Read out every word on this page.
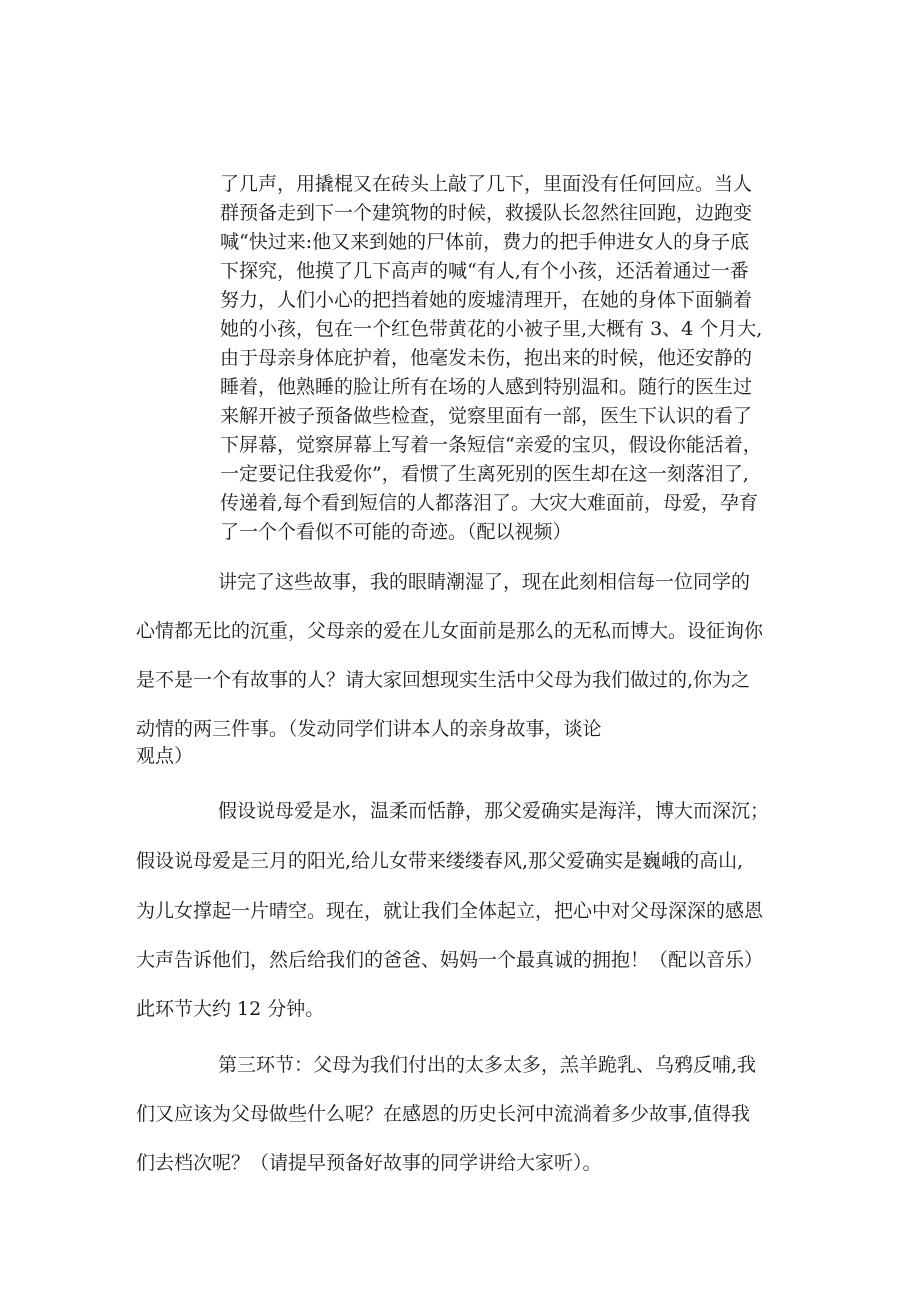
了几声，用撬棍又在砖头上敲了几下，里面没有任何回应。当人
群预备走到下一个建筑物的时候，救援队长忽然往回跑，边跑变
喊“快过来:他又来到她的尸体前，费力的把手伸进女人的身子底
下探究，他摸了几下高声的喊“有人,有个小孩，还活着通过一番
努力，人们小心的把挡着她的废墟清理开，在她的身体下面躺着
她的小孩，包在一个红色带黄花的小被子里,大概有 3、4 个月大,
由于母亲身体庇护着，他毫发未伤，抱出来的时候，他还安静的
睡着，他熟睡的脸让所有在场的人感到特别温和。随行的医生过
来解开被子预备做些检查，觉察里面有一部，医生下认识的看了
下屏幕，觉察屏幕上写着一条短信“亲爱的宝贝，假设你能活着，
一定要记住我爱你”，看惯了生离死别的医生却在这一刻落泪了,
传递着,每个看到短信的人都落泪了。大灾大难面前，母爱，孕育
了一个个看似不可能的奇迹。（配以视频）
讲完了这些故事，我的眼睛潮湿了，现在此刻相信每一位同学的
心情都无比的沉重，父母亲的爱在儿女面前是那么的无私而博大。设征询你
是不是一个有故事的人？请大家回想现实生活中父母为我们做过的,你为之
动情的两三件事。（发动同学们讲本人的亲身故事，谈论
观点）
假设说母爱是水，温柔而恬静，那父爱确实是海洋，博大而深沉；
假设说母爱是三月的阳光,给儿女带来缕缕春风,那父爱确实是巍峨的高山,
为儿女撑起一片晴空。现在，就让我们全体起立，把心中对父母深深的感恩
大声告诉他们，然后给我们的爸爸、妈妈一个最真诚的拥抱！（配以音乐）
此环节大约 12 分钟。
第三环节：父母为我们付出的太多太多，羔羊跪乳、乌鸦反哺,我
们又应该为父母做些什么呢？在感恩的历史长河中流淌着多少故事,值得我
们去档次呢？（请提早预备好故事的同学讲给大家听）。
